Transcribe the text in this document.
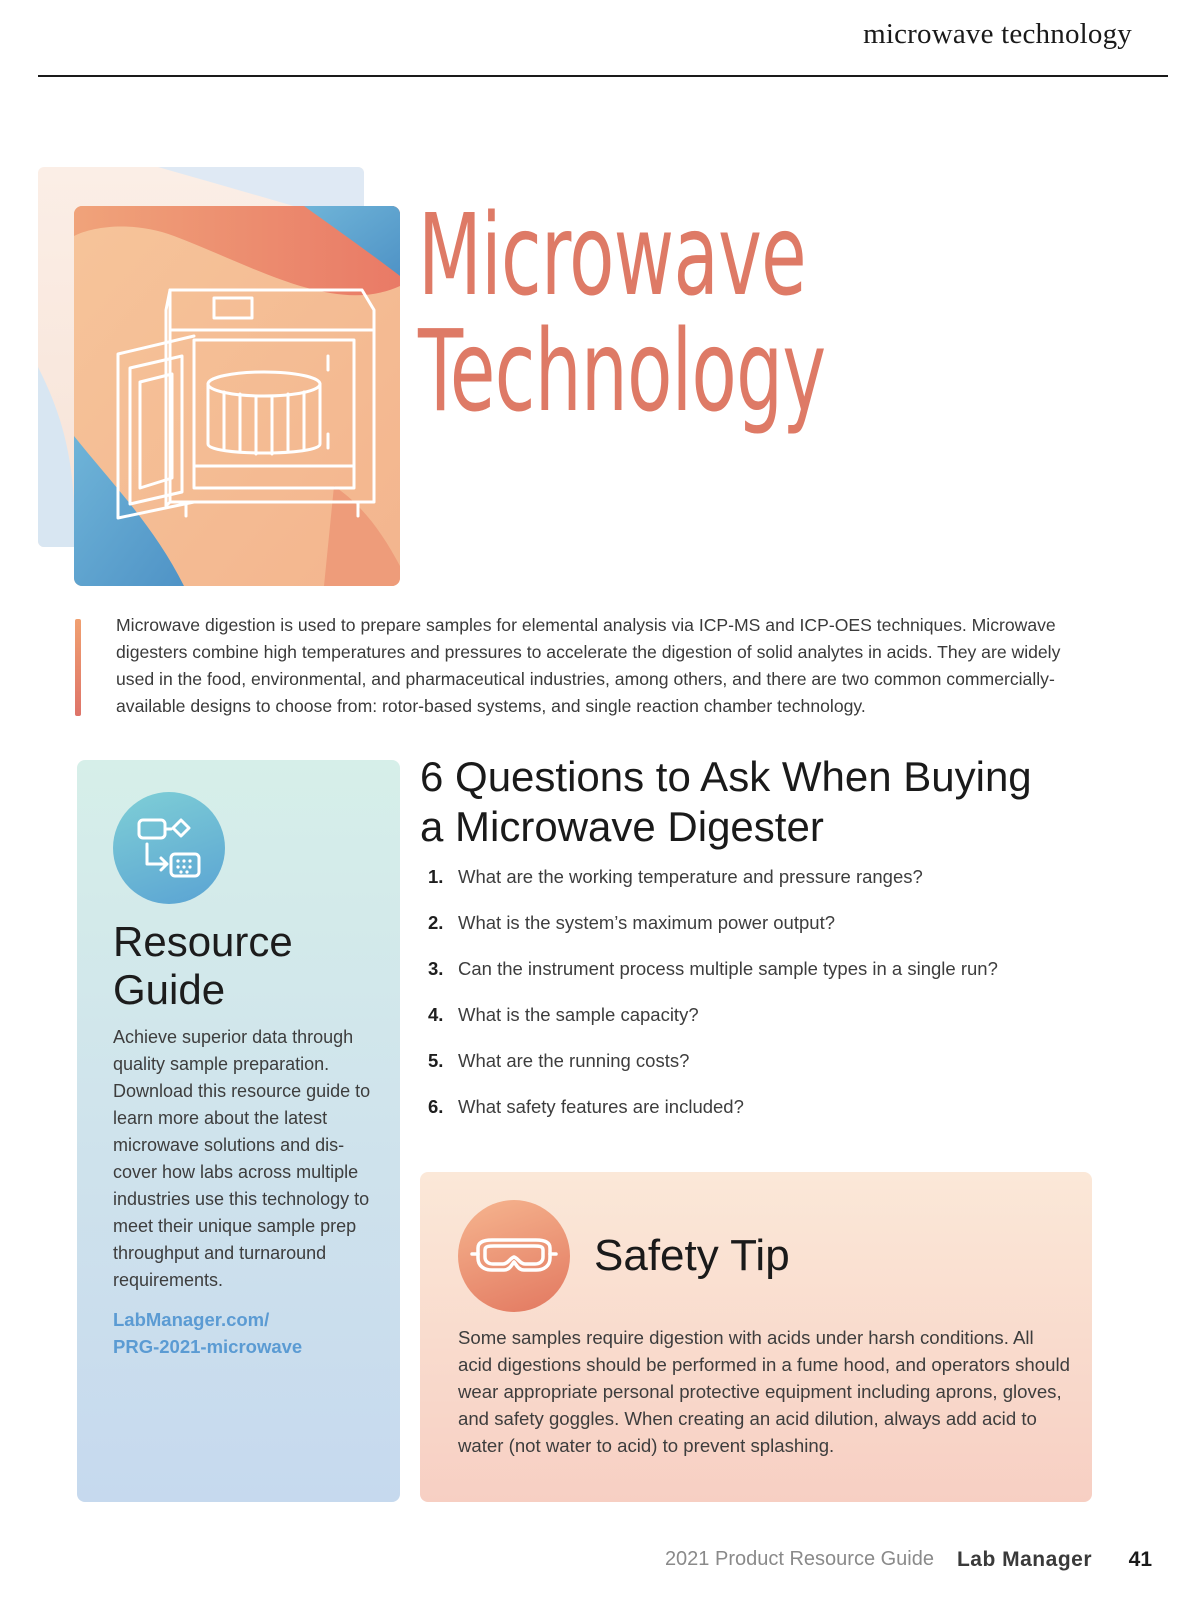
microwave technology
Microwave
Technology

Microwave digestion is used to prepare samples for elemental analysis via ICP-MS and ICP-OES techniques. Microwave digesters combine high temperatures and pressures to accelerate the digestion of solid analytes in acids. They are widely used in the food, environmental, and pharmaceutical industries, among others, and there are two common commercially-available designs to choose from: rotor-based systems, and single reaction chamber technology.

Resource
Guide

Achieve superior data through quality sample preparation. Download this resource guide to learn more about the latest microwave solutions and dis-cover how labs across multiple industries use this technology to meet their unique sample prep throughput and turnaround requirements.

LabManager.com/
PRG-2021-microwave
6 Questions to Ask When Buying
a Microwave Digester
1. What are the working temperature and pressure ranges?
2. What is the system’s maximum power output?
3. Can the instrument process multiple sample types in a single run?
4. What is the sample capacity?
5. What are the running costs?
6. What safety features are included?
Safety Tip

Some samples require digestion with acids under harsh conditions. All acid digestions should be performed in a fume hood, and operators should wear appropriate personal protective equipment including aprons, gloves, and safety goggles. When creating an acid dilution, always add acid to water (not water to acid) to prevent splashing.

2021 Product Resource Guide Lab Manager 41
